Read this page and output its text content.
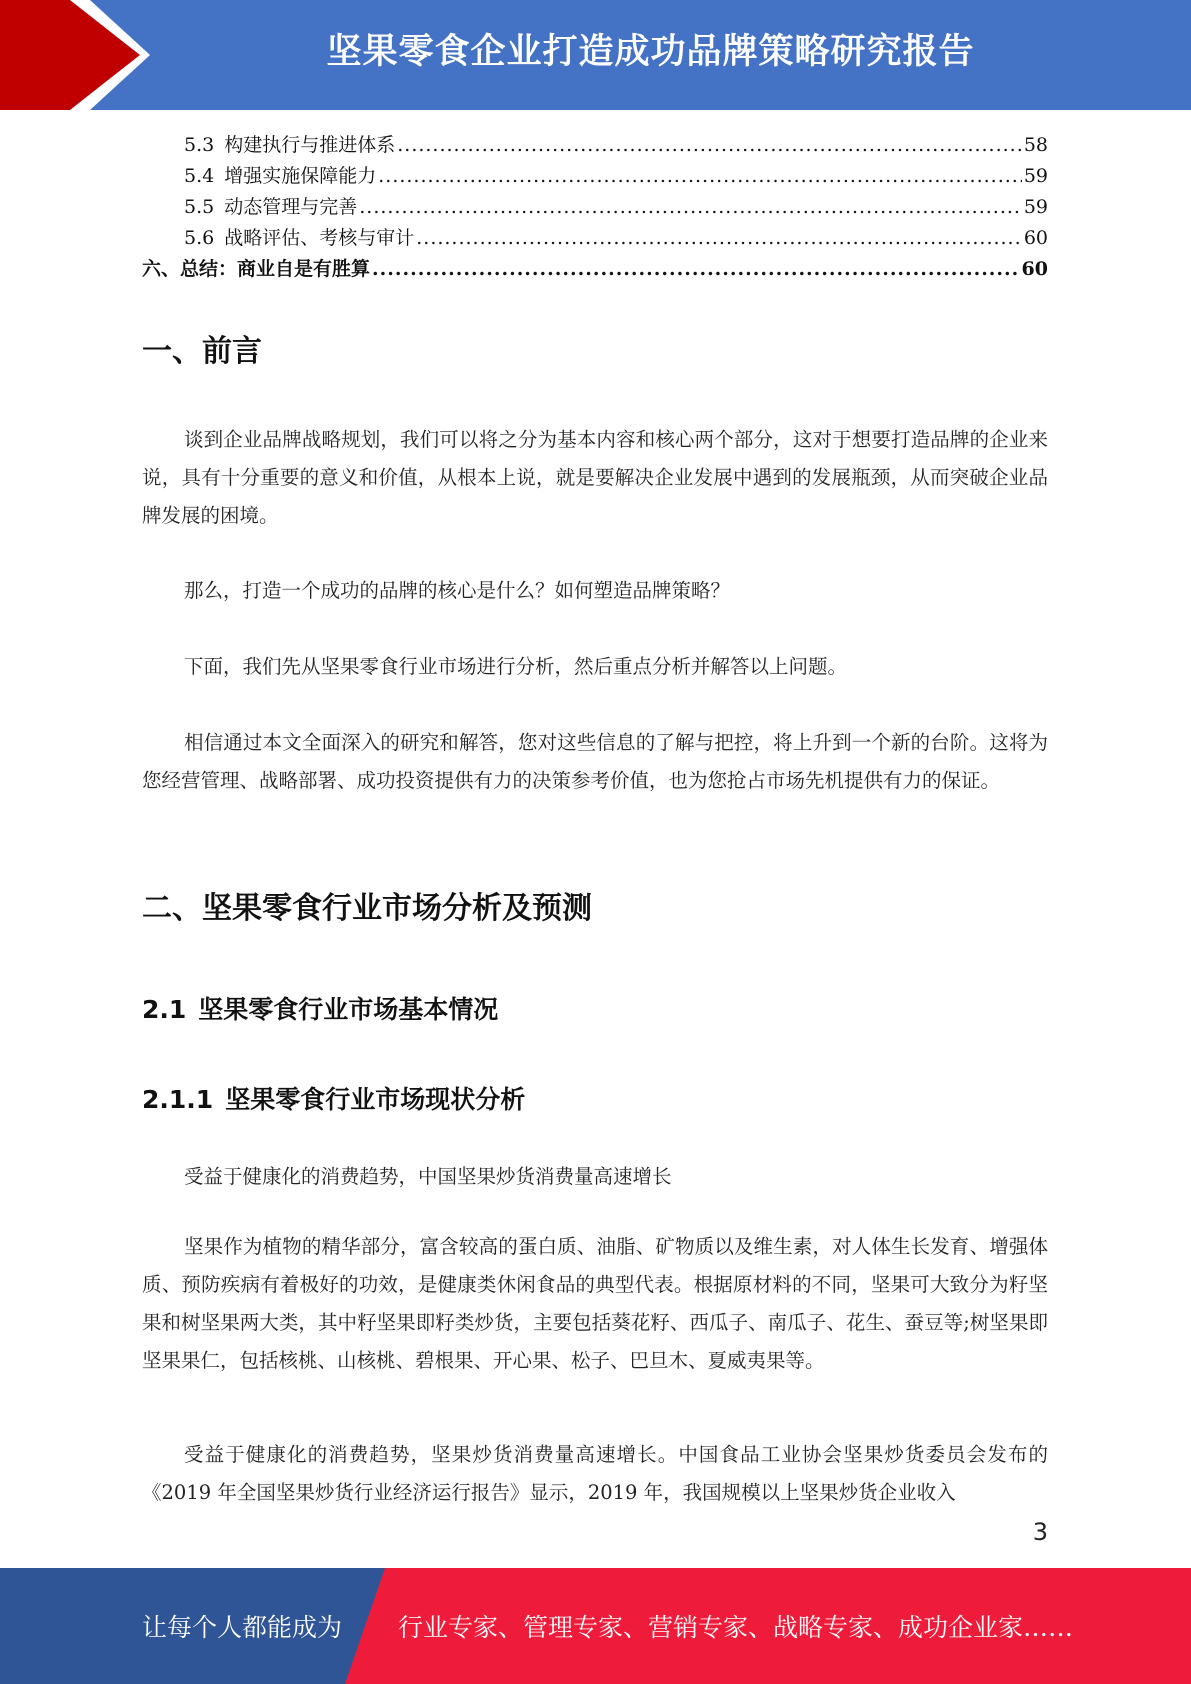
坚果零食企业打造成功品牌策略研究报告
5.3 构建执行与推进体系 .....	58
5.4 增强实施保障能力 .....	59
5.5 动态管理与完善 .....	59
5.6 战略评估、考核与审计 .....	60
六、总结：商业自是有胜算 .....	60
一、前言

谈到企业品牌战略规划，我们可以将之分为基本内容和核心两个部分，这对于想要打造品牌的企业来说，具有十分重要的意义和价值，从根本上说，就是要解决企业发展中遇到的发展瓶颈，从而突破企业品牌发展的困境。

那么，打造一个成功的品牌的核心是什么？如何塑造品牌策略？

下面，我们先从坚果零食行业市场进行分析，然后重点分析并解答以上问题。

相信通过本文全面深入的研究和解答，您对这些信息的了解与把控，将上升到一个新的台阶。这将为您经营管理、战略部署、成功投资提供有力的决策参考价值，也为您抢占市场先机提供有力的保证。

二、坚果零食行业市场分析及预测
2.1 坚果零食行业市场基本情况
2.1.1 坚果零食行业市场现状分析

受益于健康化的消费趋势，中国坚果炒货消费量高速增长

坚果作为植物的精华部分，富含较高的蛋白质、油脂、矿物质以及维生素，对人体生长发育、增强体质、预防疾病有着极好的功效，是健康类休闲食品的典型代表。根据原材料的不同，坚果可大致分为籽坚果和树坚果两大类，其中籽坚果即籽类炒货，主要包括葵花籽、西瓜子、南瓜子、花生、蚕豆等;树坚果即坚果果仁，包括核桃、山核桃、碧根果、开心果、松子、巴旦木、夏威夷果等。

受益于健康化的消费趋势，坚果炒货消费量高速增长。中国食品工业协会坚果炒货委员会发布的《2019 年全国坚果炒货行业经济运行报告》显示，2019 年，我国规模以上坚果炒货企业收入

3
让每个人都能成为 行业专家、管理专家、营销专家、战略专家、成功企业家……
